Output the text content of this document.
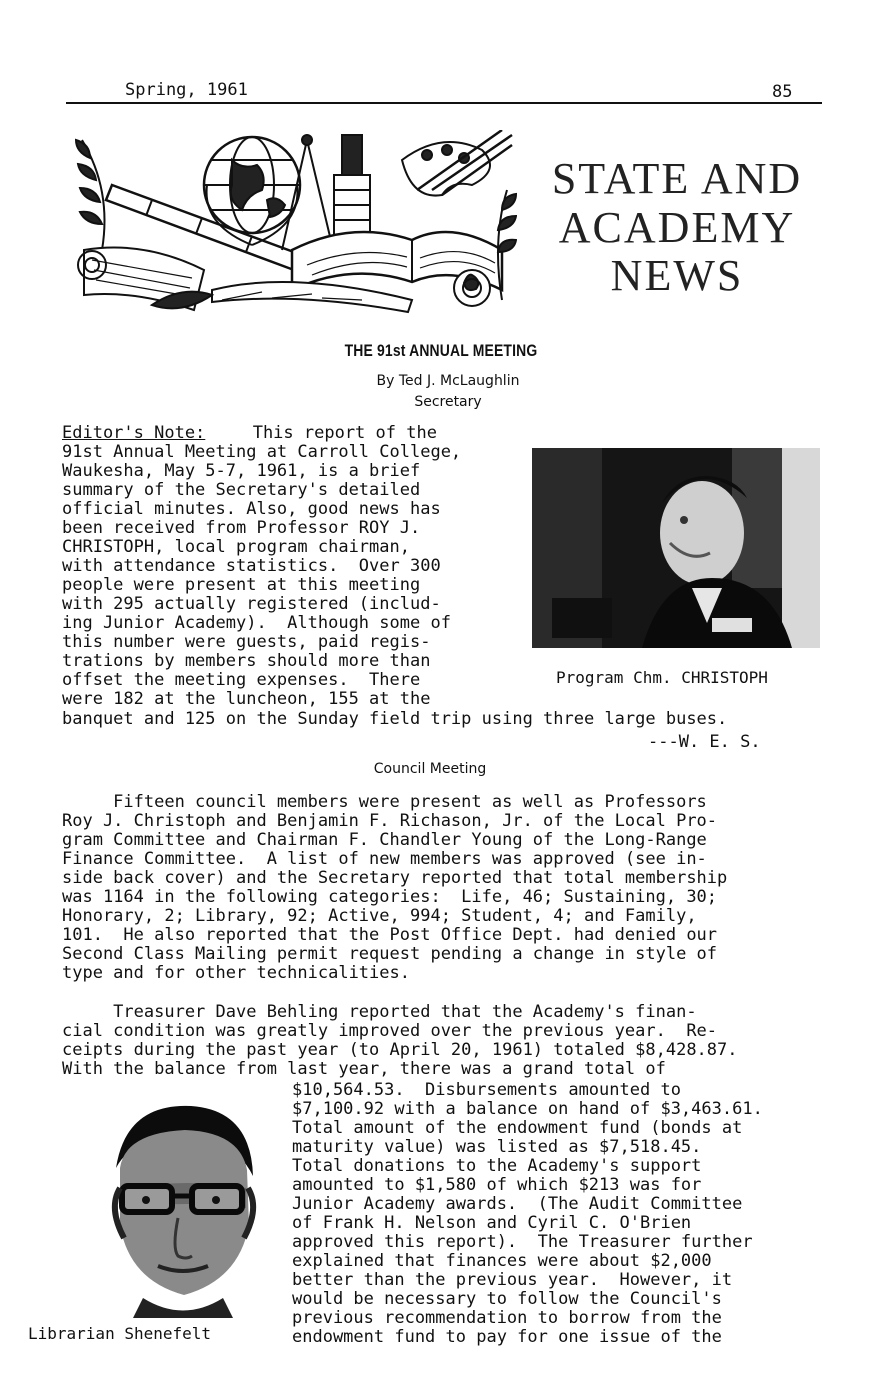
Spring, 1961	85
STATE AND
ACADEMY
NEWS
THE 91st ANNUAL MEETING
By Ted J. McLaughlin
Secretary
Editor's Note: This report of the
91st Annual Meeting at Carroll College,
Waukesha, May 5-7, 1961, is a brief
summary of the Secretary's detailed
official minutes. Also, good news has
been received from Professor ROY J.
CHRISTOPH, local program chairman,
with attendance statistics.  Over 300
people were present at this meeting
with 295 actually registered (includ-
ing Junior Academy).  Although some of
this number were guests, paid regis-
trations by members should more than
offset the meeting expenses.  There
were 182 at the luncheon, 155 at the
banquet and 125 on the Sunday field trip using three large buses.
---W. E. S.
Program Chm. CHRISTOPH
Council Meeting
Fifteen council members were present as well as Professors
Roy J. Christoph and Benjamin F. Richason, Jr. of the Local Pro-
gram Committee and Chairman F. Chandler Young of the Long-Range
Finance Committee.  A list of new members was approved (see in-
side back cover) and the Secretary reported that total membership
was 1164 in the following categories:  Life, 46; Sustaining, 30;
Honorary, 2; Library, 92; Active, 994; Student, 4; and Family,
101.  He also reported that the Post Office Dept. had denied our
Second Class Mailing permit request pending a change in style of
type and for other technicalities.
Treasurer Dave Behling reported that the Academy's finan-
cial condition was greatly improved over the previous year.  Re-
ceipts during the past year (to April 20, 1961) totaled $8,428.87.
With the balance from last year, there was a grand total of
$10,564.53.  Disbursements amounted to
$7,100.92 with a balance on hand of $3,463.61.
Total amount of the endowment fund (bonds at
maturity value) was listed as $7,518.45.
Total donations to the Academy's support
amounted to $1,580 of which $213 was for
Junior Academy awards.  (The Audit Committee
of Frank H. Nelson and Cyril C. O'Brien
approved this report).  The Treasurer further
explained that finances were about $2,000
better than the previous year.  However, it
would be necessary to follow the Council's
previous recommendation to borrow from the
endowment fund to pay for one issue of the
Librarian Shenefelt
